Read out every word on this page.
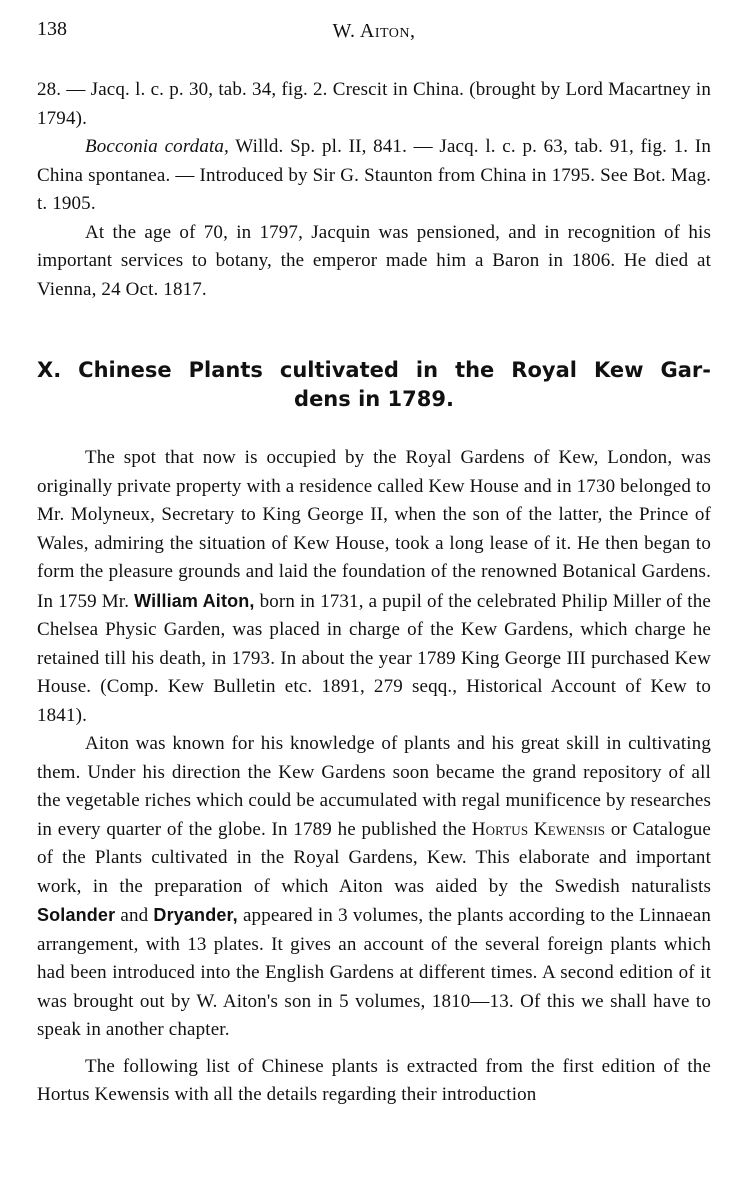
138	W. Aiton,

28. — Jacq. l. c. p. 30, tab. 34, fig. 2. Crescit in China. (brought by Lord Macartney in 1794).

Bocconia cordata, Willd. Sp. pl. II, 841. — Jacq. l. c. p. 63, tab. 91, fig. 1. In China spontanea. — Introduced by Sir G. Staunton from China in 1795. See Bot. Mag. t. 1905.

At the age of 70, in 1797, Jacquin was pensioned, and in recognition of his important services to botany, the emperor made him a Baron in 1806. He died at Vienna, 24 Oct. 1817.

X. Chinese Plants cultivated in the Royal Kew Gar-
dens in 1789.

The spot that now is occupied by the Royal Gardens of Kew, London, was originally private property with a residence called Kew House and in 1730 belonged to Mr. Molyneux, Secretary to King George II, when the son of the latter, the Prince of Wales, admiring the situation of Kew House, took a long lease of it. He then began to form the pleasure grounds and laid the foundation of the renowned Botanical Gardens. In 1759 Mr. William Aiton, born in 1731, a pupil of the celebrated Philip Miller of the Chelsea Physic Garden, was placed in charge of the Kew Gardens, which charge he retained till his death, in 1793. In about the year 1789 King George III purchased Kew House. (Comp. Kew Bulletin etc. 1891, 279 seqq., Historical Account of Kew to 1841).

Aiton was known for his knowledge of plants and his great skill in cultivating them. Under his direction the Kew Gardens soon became the grand repository of all the vegetable riches which could be accumulated with regal munificence by researches in every quarter of the globe. In 1789 he published the Hortus Kewensis or Catalogue of the Plants cultivated in the Royal Gardens, Kew. This elaborate and important work, in the preparation of which Aiton was aided by the Swedish naturalists Solander and Dryander, appeared in 3 volumes, the plants according to the Linnaean arrangement, with 13 plates. It gives an account of the several foreign plants which had been introduced into the English Gardens at different times. A second edition of it was brought out by W. Aiton's son in 5 volumes, 1810—13. Of this we shall have to speak in another chapter.

The following list of Chinese plants is extracted from the first edition of the Hortus Kewensis with all the details regarding their introduction
